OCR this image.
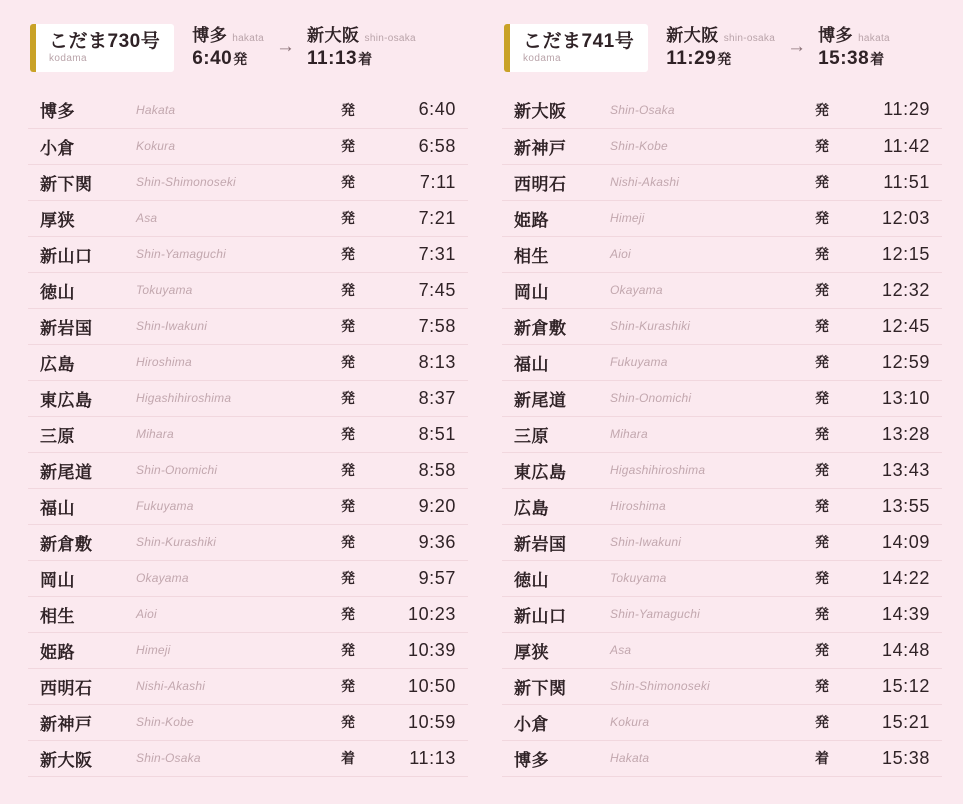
こだま730号
kodama
博多 hakata
6:40発
→
新大阪 shin-osaka
11:13着
博多	Hakata	発	6:40
小倉	Kokura	発	6:58
新下関	Shin-Shimonoseki	発	7:11
厚狭	Asa	発	7:21
新山口	Shin-Yamaguchi	発	7:31
徳山	Tokuyama	発	7:45
新岩国	Shin-Iwakuni	発	7:58
広島	Hiroshima	発	8:13
東広島	Higashihiroshima	発	8:37
三原	Mihara	発	8:51
新尾道	Shin-Onomichi	発	8:58
福山	Fukuyama	発	9:20
新倉敷	Shin-Kurashiki	発	9:36
岡山	Okayama	発	9:57
相生	Aioi	発	10:23
姫路	Himeji	発	10:39
西明石	Nishi-Akashi	発	10:50
新神戸	Shin-Kobe	発	10:59
新大阪	Shin-Osaka	着	11:13
こだま741号
kodama
新大阪 shin-osaka
11:29発
→
博多 hakata
15:38着
新大阪	Shin-Osaka	発	11:29
新神戸	Shin-Kobe	発	11:42
西明石	Nishi-Akashi	発	11:51
姫路	Himeji	発	12:03
相生	Aioi	発	12:15
岡山	Okayama	発	12:32
新倉敷	Shin-Kurashiki	発	12:45
福山	Fukuyama	発	12:59
新尾道	Shin-Onomichi	発	13:10
三原	Mihara	発	13:28
東広島	Higashihiroshima	発	13:43
広島	Hiroshima	発	13:55
新岩国	Shin-Iwakuni	発	14:09
徳山	Tokuyama	発	14:22
新山口	Shin-Yamaguchi	発	14:39
厚狭	Asa	発	14:48
新下関	Shin-Shimonoseki	発	15:12
小倉	Kokura	発	15:21
博多	Hakata	着	15:38
